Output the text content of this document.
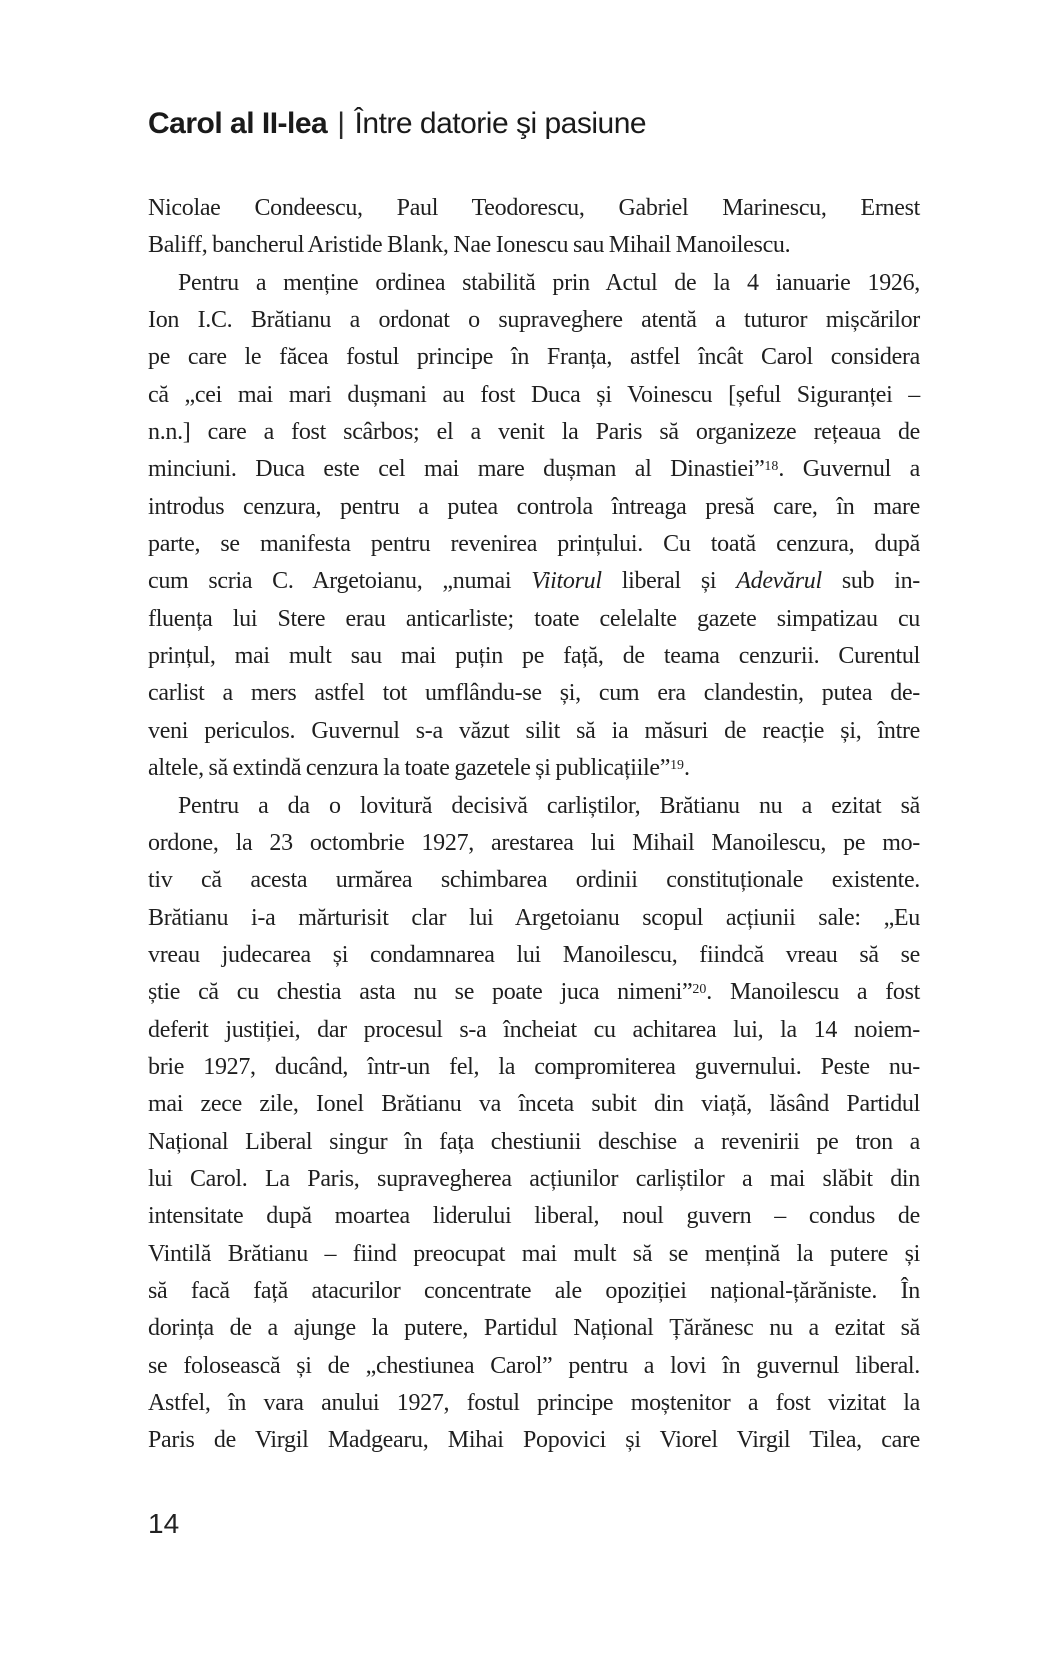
Carol al II-lea | Între datorie şi pasiune
Nicolae Condeescu, Paul Teodorescu, Gabriel Marinescu, Ernest
Baliff, bancherul Aristide Blank, Nae Ionescu sau Mihail Manoilescu.
Pentru a menține ordinea stabilită prin Actul de la 4 ianuarie 1926,
Ion I.C. Brătianu a ordonat o supraveghere atentă a tuturor mișcărilor
pe care le făcea fostul principe în Franța, astfel încât Carol considera
că „cei mai mari dușmani au fost Duca și Voinescu [șeful Siguranței –
n.n.] care a fost scârbos; el a venit la Paris să organizeze rețeaua de
minciuni. Duca este cel mai mare dușman al Dinastiei”$^{18}$. Guvernul a
introdus cenzura, pentru a putea controla întreaga presă care, în mare
parte, se manifesta pentru revenirea prințului. Cu toată cenzura, după
cum scria C. Argetoianu, „numai Viitorul liberal și Adevărul sub in-
fluența lui Stere erau anticarliste; toate celelalte gazete simpatizau cu
prințul, mai mult sau mai puțin pe față, de teama cenzurii. Curentul
carlist a mers astfel tot umflându-se și, cum era clandestin, putea de-
veni periculos. Guvernul s-a văzut silit să ia măsuri de reacție și, între
altele, să extindă cenzura la toate gazetele și publicațiile”$^{19}$.
Pentru a da o lovitură decisivă carliștilor, Brătianu nu a ezitat să
ordone, la 23 octombrie 1927, arestarea lui Mihail Manoilescu, pe mo-
tiv că acesta urmărea schimbarea ordinii constituționale existente.
Brătianu i-a mărturisit clar lui Argetoianu scopul acțiunii sale: „Eu
vreau judecarea și condamnarea lui Manoilescu, fiindcă vreau să se
știe că cu chestia asta nu se poate juca nimeni”$^{20}$. Manoilescu a fost
deferit justiției, dar procesul s-a încheiat cu achitarea lui, la 14 noiem-
brie 1927, ducând, într-un fel, la compromiterea guvernului. Peste nu-
mai zece zile, Ionel Brătianu va înceta subit din viață, lăsând Partidul
Național Liberal singur în fața chestiunii deschise a revenirii pe tron a
lui Carol. La Paris, supravegherea acțiunilor carliștilor a mai slăbit din
intensitate după moartea liderului liberal, noul guvern – condus de
Vintilă Brătianu – fiind preocupat mai mult să se mențină la putere și
să facă față atacurilor concentrate ale opoziției național-țărăniste. În
dorința de a ajunge la putere, Partidul Național Țărănesc nu a ezitat să
se folosească și de „chestiunea Carol” pentru a lovi în guvernul liberal.
Astfel, în vara anului 1927, fostul principe moștenitor a fost vizitat la
Paris de Virgil Madgearu, Mihai Popovici și Viorel Virgil Tilea, care
14
